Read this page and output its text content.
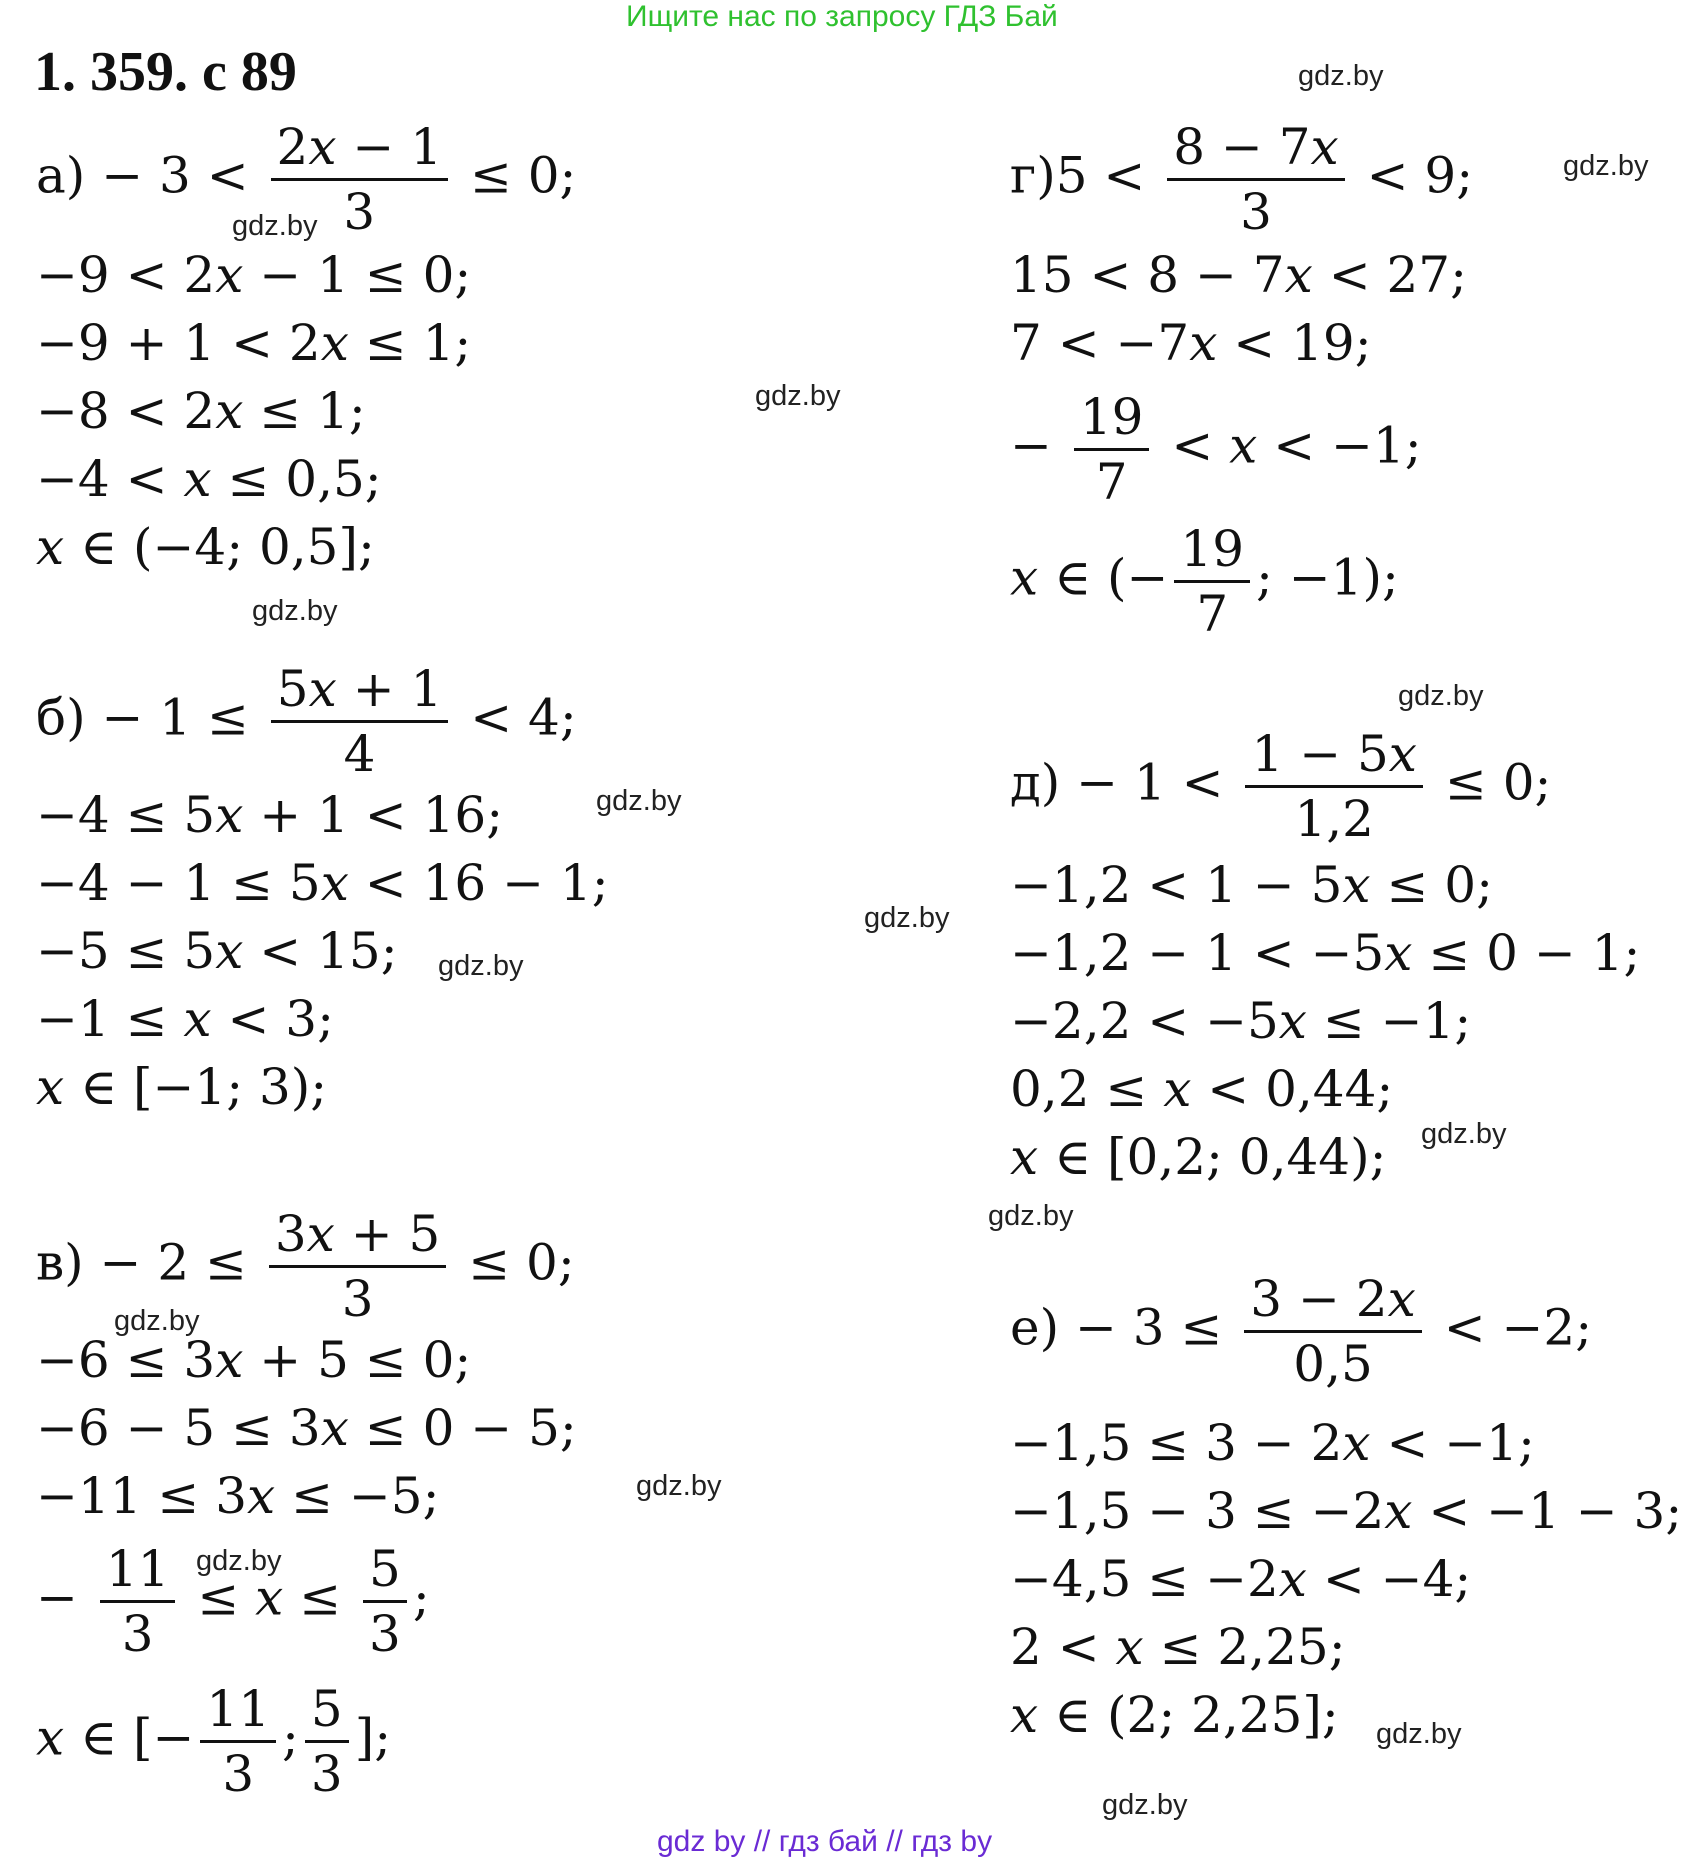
Ищите нас по запросу ГДЗ Бай
1. 359. с 89
$а) - 3 < \frac{\text{2𝑥 − 1}}{3} \le 0$;
−9 < 2𝑥 − 1 ≤ 0;
−9 + 1 < 2𝑥 ≤ 1;
−8 < 2𝑥 ≤ 1;
−4 < 𝑥 ≤ 0,5;
𝑥 ∈ (−4; 0,5];
$б) - 1 \le \frac{\text{5𝑥 + 1}}{4} < 4$;
−4 ≤ 5𝑥 + 1 < 16;
−4 − 1 ≤ 5𝑥 < 16 − 1;
−5 ≤ 5𝑥 < 15;
−1 ≤ 𝑥 < 3;
𝑥 ∈ [−1; 3);
$в) - 2 \le \frac{\text{3𝑥 + 5}}{3} \le 0$;
−6 ≤ 3𝑥 + 5 ≤ 0;
−6 − 5 ≤ 3𝑥 ≤ 0 − 5;
−11 ≤ 3𝑥 ≤ −5;
− $\frac{11}{3}$ ≤ 𝑥 ≤ $\frac{5}{3}$ ;
𝑥 ∈ [− $\frac{11}{3}$ ; $\frac{5}{3}$ ];
$г)5 < \frac{\text{8 − 7𝑥}}{3} < 9$;
15 < 8 − 7𝑥 < 27;
7 < −7𝑥 < 19;
− $\frac{19}{7}$ < 𝑥 < −1;
𝑥 ∈ (− $\frac{19}{7}$ ; −1);
$д) - 1 < \frac{\text{1 − 5𝑥}}{1,2} \le 0$;
−1,2 < 1 − 5𝑥 ≤ 0;
−1,2 − 1 < −5𝑥 ≤ 0 − 1;
−2,2 < −5𝑥 ≤ −1;
0,2 ≤ 𝑥 < 0,44;
𝑥 ∈ [0,2; 0,44);
$е) - 3 \le \frac{\text{3 − 2𝑥}}{0,5} < -2$;
−1,5 ≤ 3 − 2𝑥 < −1;
−1,5 − 3 ≤ −2𝑥 < −1 − 3;
−4,5 ≤ −2𝑥 < −4;
2 < 𝑥 ≤ 2,25;
𝑥 ∈ (2; 2,25];
gdz.by
gdz.by
gdz.by
gdz.by
gdz.by
gdz.by
gdz.by
gdz.by
gdz.by
gdz.by
gdz.by
gdz.by
gdz.by
gdz.by
gdz.by
gdz.by
gdz by // гдз бай // гдз by
